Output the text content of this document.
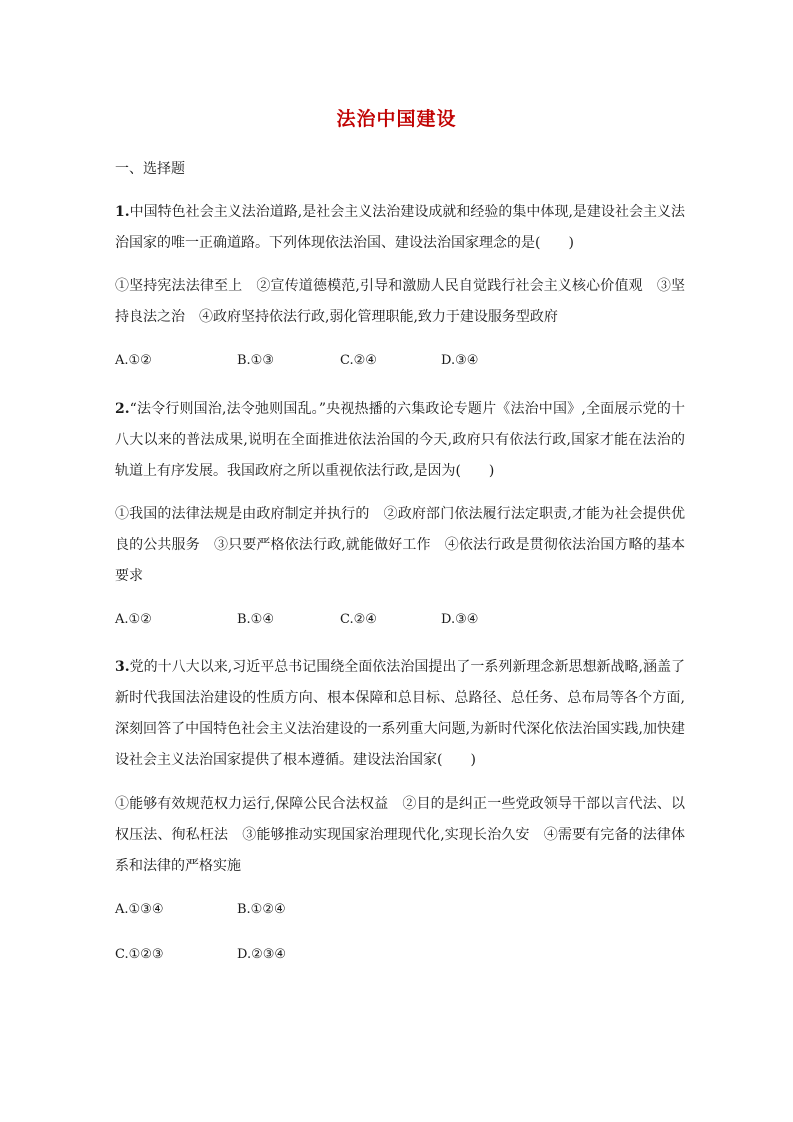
法治中国建设
一、选择题
1.中国特色社会主义法治道路,是社会主义法治建设成就和经验的集中体现,是建设社会主义法治国家的唯一正确道路。下列体现依法治国、建设法治国家理念的是(　　)
①坚持宪法法律至上　②宣传道德模范,引导和激励人民自觉践行社会主义核心价值观　③坚持良法之治　④政府坚持依法行政,弱化管理职能,致力于建设服务型政府
A.①②	B.①③	C.②④	D.③④
2.“法令行则国治,法令弛则国乱。”央视热播的六集政论专题片《法治中国》,全面展示党的十八大以来的普法成果,说明在全面推进依法治国的今天,政府只有依法行政,国家才能在法治的轨道上有序发展。我国政府之所以重视依法行政,是因为(　　)
①我国的法律法规是由政府制定并执行的　②政府部门依法履行法定职责,才能为社会提供优良的公共服务　③只要严格依法行政,就能做好工作　④依法行政是贯彻依法治国方略的基本要求
A.①②	B.①④	C.②④	D.③④
3.党的十八大以来,习近平总书记围绕全面依法治国提出了一系列新理念新思想新战略,涵盖了新时代我国法治建设的性质方向、根本保障和总目标、总路径、总任务、总布局等各个方面,深刻回答了中国特色社会主义法治建设的一系列重大问题,为新时代深化依法治国实践,加快建设社会主义法治国家提供了根本遵循。建设法治国家(　　)
①能够有效规范权力运行,保障公民合法权益　②目的是纠正一些党政领导干部以言代法、以权压法、徇私枉法　③能够推动实现国家治理现代化,实现长治久安　④需要有完备的法律体系和法律的严格实施
A.①③④	B.①②④
C.①②③	D.②③④
